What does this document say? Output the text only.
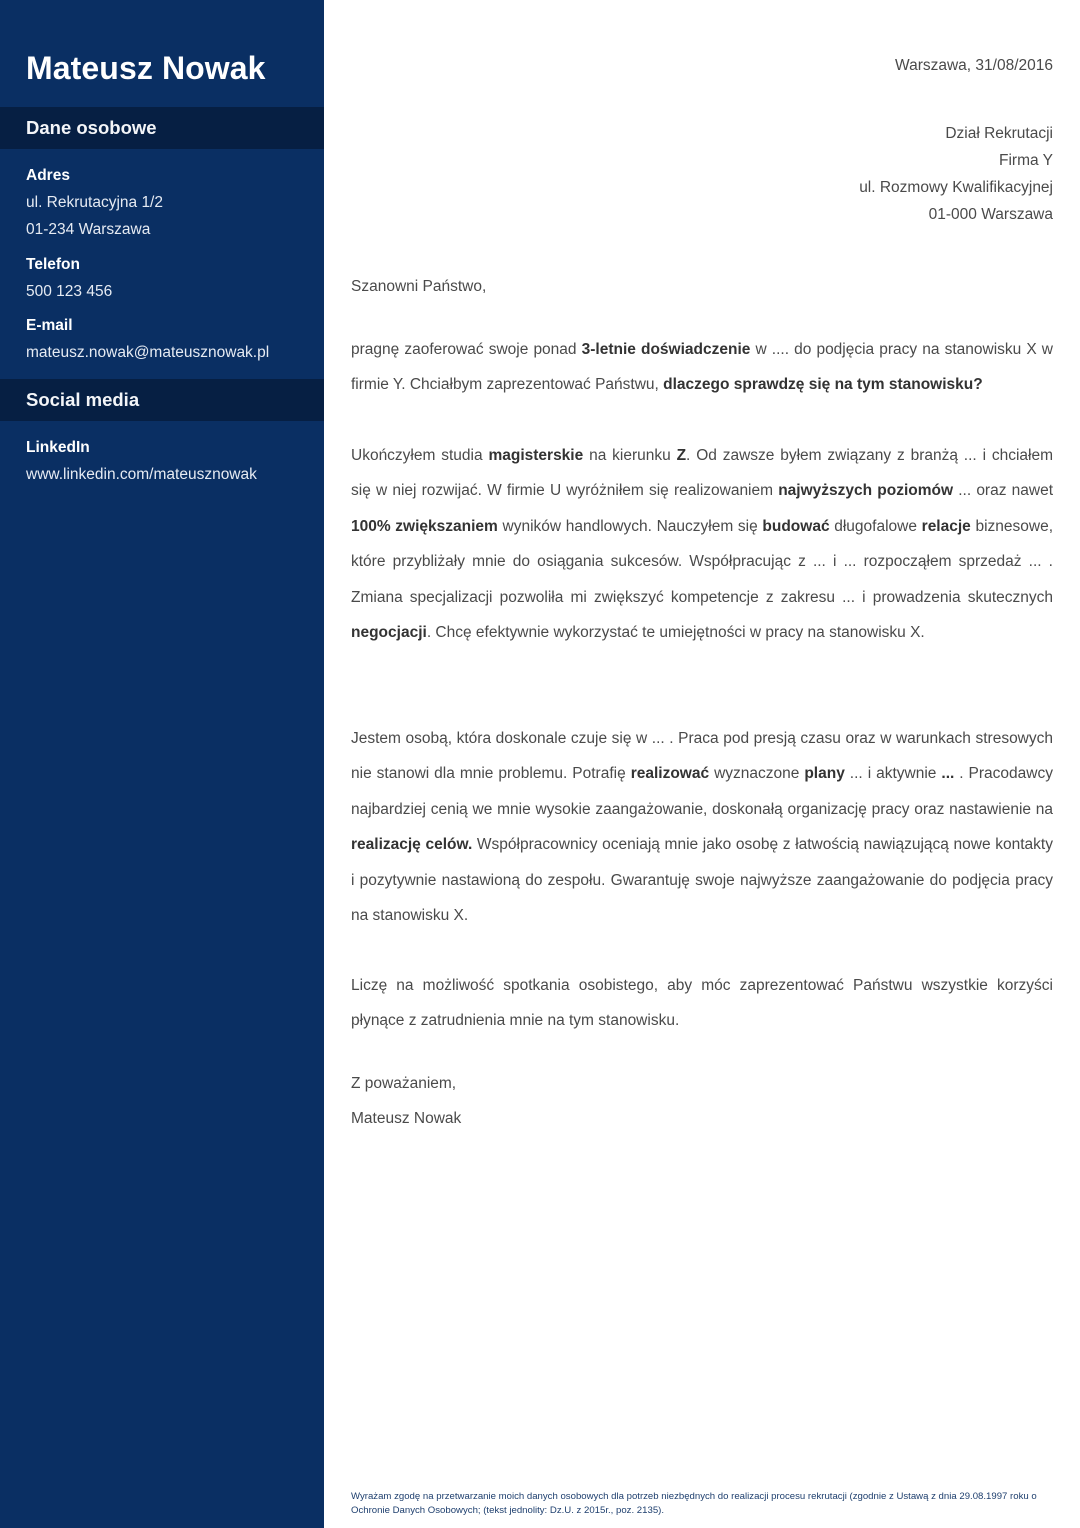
Mateusz Nowak
Dane osobowe
Adres
ul. Rekrutacyjna 1/2
01-234 Warszawa
Telefon
500 123 456
E-mail
mateusz.nowak@mateusznowak.pl
Social media
LinkedIn
www.linkedin.com/mateusznowak
Warszawa, 31/08/2016
Dział Rekrutacji
Firma Y
ul. Rozmowy Kwalifikacyjnej
01-000 Warszawa
Szanowni Państwo,

pragnę zaoferować swoje ponad 3-letnie doświadczenie w .... do podjęcia pracy na stanowisku X w firmie Y. Chciałbym zaprezentować Państwu, dlaczego sprawdzę się na tym stanowisku?

Ukończyłem studia magisterskie na kierunku Z. Od zawsze byłem związany z branżą ... i chciałem się w niej rozwijać. W firmie U wyróżniłem się realizowaniem najwyższych poziomów ... oraz nawet 100% zwiększaniem wyników handlowych. Nauczyłem się budować długofalowe relacje biznesowe, które przybliżały mnie do osiągania sukcesów. Współpracując z ... i ... rozpocząłem sprzedaż ... . Zmiana specjalizacji pozwoliła mi zwiększyć kompetencje z zakresu ... i prowadzenia skutecznych negocjacji. Chcę efektywnie wykorzystać te umiejętności w pracy na stanowisku X.

Jestem osobą, która doskonale czuje się w ... . Praca pod presją czasu oraz w warunkach stresowych nie stanowi dla mnie problemu. Potrafię realizować wyznaczone plany ... i aktywnie ... . Pracodawcy najbardziej cenią we mnie wysokie zaangażowanie, doskonałą organizację pracy oraz nastawienie na realizację celów. Współpracownicy oceniają mnie jako osobę z łatwością nawiązującą nowe kontakty i pozytywnie nastawioną do zespołu. Gwarantuję swoje najwyższe zaangażowanie do podjęcia pracy na stanowisku X.

Liczę na możliwość spotkania osobistego, aby móc zaprezentować Państwu wszystkie korzyści płynące z zatrudnienia mnie na tym stanowisku.

Z poważaniem,
Mateusz Nowak
Wyrażam zgodę na przetwarzanie moich danych osobowych dla potrzeb niezbędnych do realizacji procesu rekrutacji (zgodnie z Ustawą z dnia 29.08.1997 roku o Ochronie Danych Osobowych; (tekst jednolity: Dz.U. z 2015r., poz. 2135).
